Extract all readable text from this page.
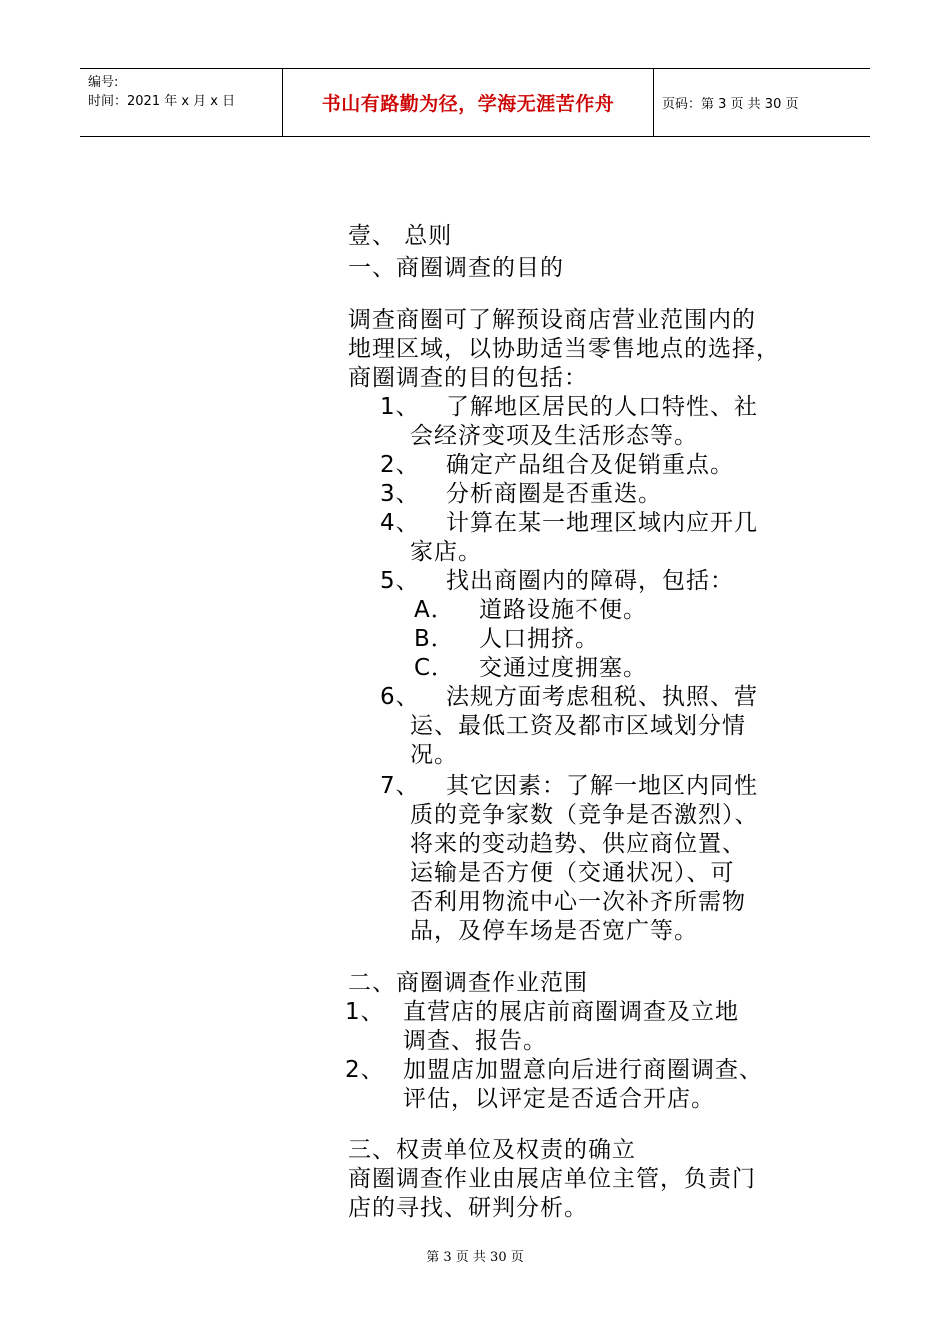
编号:
时间：2021 年 x 月 x 日	书山有路勤为径，学海无涯苦作舟	页码：第 3 页 共 30 页
壹、 总则
一、商圈调查的目的
调查商圈可了解预设商店营业范围内的
地理区域，以协助适当零售地点的选择，
商圈调查的目的包括：
1、 了解地区居民的人口特性、社
会经济变项及生活形态等。
2、 确定产品组合及促销重点。
3、 分析商圈是否重迭。
4、 计算在某一地理区域内应开几
家店。
5、 找出商圈内的障碍，包括：
A． 道路设施不便。
B． 人口拥挤。
C． 交通过度拥塞。
6、 法规方面考虑租税、执照、营
运、最低工资及都市区域划分情
况。
7、 其它因素：了解一地区内同性
质的竞争家数（竞争是否激烈）、
将来的变动趋势、供应商位置、
运输是否方便（交通状况）、可
否利用物流中心一次补齐所需物
品，及停车场是否宽广等。
二、商圈调查作业范围
1、 直营店的展店前商圈调查及立地
调查、报告。
2、 加盟店加盟意向后进行商圈调查、
评估，以评定是否适合开店。
三、权责单位及权责的确立
商圈调查作业由展店单位主管，负责门
店的寻找、研判分析。
第 3 页 共 30 页
